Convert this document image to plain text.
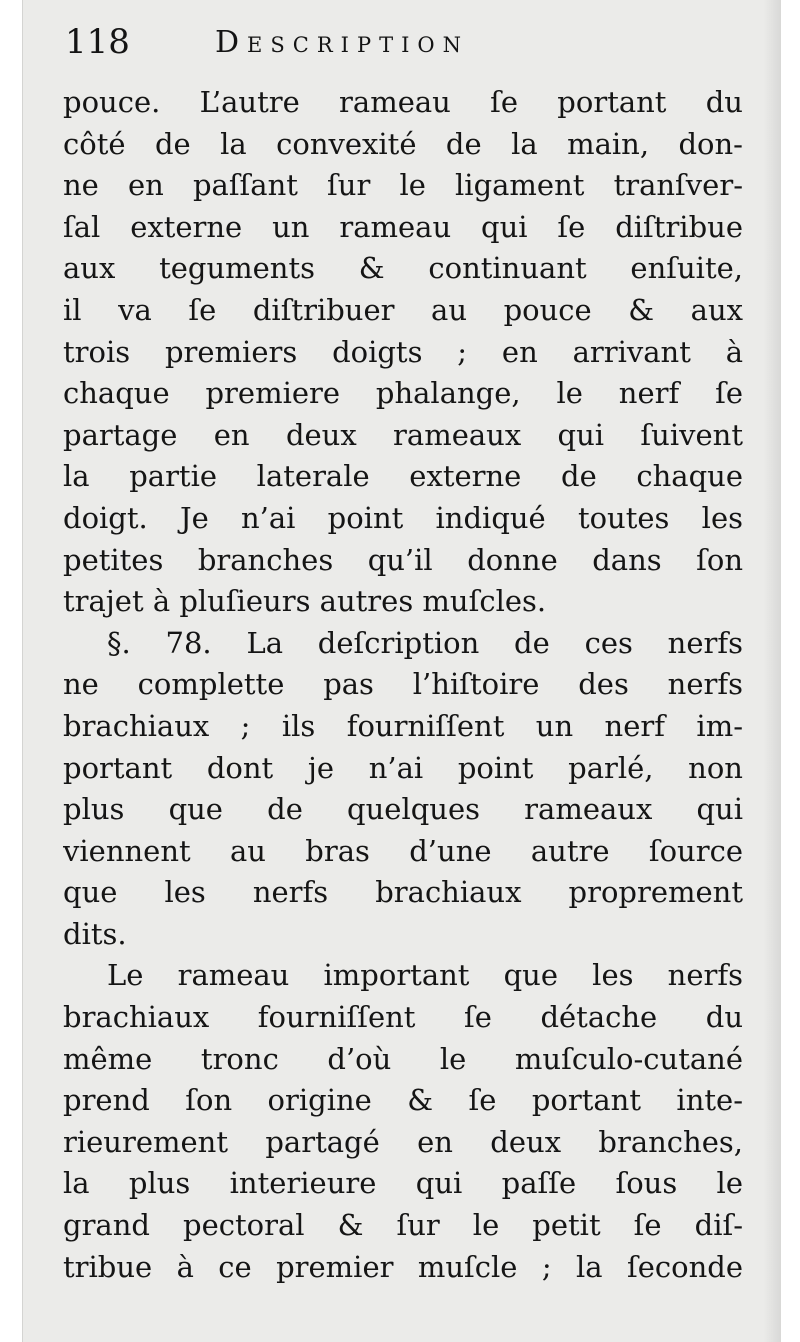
118	Description
pouce. L’autre rameau ſe portant du
côté de la convexité de la main, don-
ne en paſſant ſur le ligament tranſver-
ſal externe un rameau qui ſe diſtribue
aux teguments & continuant enſuite,
il va ſe diſtribuer au pouce & aux
trois premiers doigts ; en arrivant à
chaque premiere phalange, le nerf ſe
partage en deux rameaux qui ſuivent
la partie laterale externe de chaque
doigt. Je n’ai point indiqué toutes les
petites branches qu’il donne dans ſon
trajet à pluſieurs autres muſcles.
§. 78. La deſcription de ces nerfs
ne complette pas l’hiſtoire des nerfs
brachiaux ; ils fourniſſent un nerf im-
portant dont je n’ai point parlé, non
plus que de quelques rameaux qui
viennent au bras d’une autre ſource
que les nerfs brachiaux proprement
dits.
Le rameau important que les nerfs
brachiaux fourniſſent ſe détache du
même tronc d’où le muſculo-cutané
prend ſon origine & ſe portant inte-
rieurement partagé en deux branches,
la plus interieure qui paſſe ſous le
grand pectoral & ſur le petit ſe diſ-
tribue à ce premier muſcle ; la ſeconde
